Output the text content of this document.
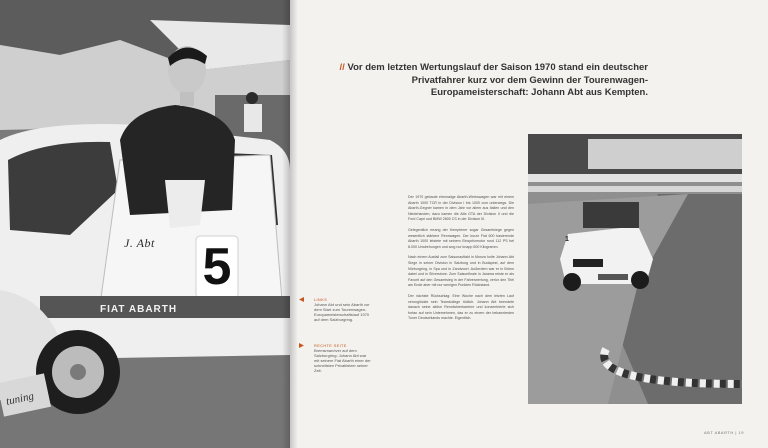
J. Abt 5
FIAT ABARTH
tuning
LINKS
Johann Abt und sein Abarth vor dem Start zum Tourenwagen-Europameisterschaftslauf 1970 auf dem Salzburgring.
RECHTE SEITE
Bremsmanöver auf dem Salzburgring: Johann Abt war mit seinem Fiat Abarth einer der schnellsten Privatfahrer seiner Zeit.
// Vor dem letzten Wertungslauf der Saison 1970 stand ein deutscher Privatfahrer kurz vor dem Gewinn der Tourenwagen-Europameisterschaft: Johann Abt aus Kempten.

Der 1970 gebaute ehemalige Abarth-Werkswagen war mit einem Abarth 1000 TCR in der Division I bis 1000 ccm unterwegs. Die Abarth-Gegner kamen in dem Jahr vor allem aus Italien und den Niederlanden; dazu kamen die Alfa GTA der Division II und die Ford Capri und BMW 2800 CS in der Division III.

Gelegentlich errang der Kemptener sogar Gesamtsiege gegen wesentlich stärkere Rennwagen. Der kurze Fiat 600 basierende Abarth 1000 leistete mit seinem Einspritzmotor rund 112 PS bei 8.000 Umdrehungen und wog nur knapp 600 Kilogramm.

Nach einem Ausfall zum Saisonauftakt in Monza holte Johann Abt Siege in seiner Division in Salzburg und in Budapest, auf dem Nürburgring, in Spa und in Zandvoort. Außerdem war er in Brünn dabei und in Silverstone. Zum Saisonfinale in Jarama reiste er als Favorit auf den Gesamtsieg in der Fahrerwertung, verlor den Titel am Ende aber mit nur wenigen Punkten Rückstand.

Der nächste Rückschlag: Eine Woche nach dem letzten Lauf verunglückte sein Teamkollege tödlich. Johann Abt beendete danach seine aktive Rennfahrerkarriere und konzentrierte sich fortan auf sein Unternehmen, das er zu einem der bekanntesten Tuner Deutschlands machte. Eigentlich.

1
ABT ABARTH | 19
